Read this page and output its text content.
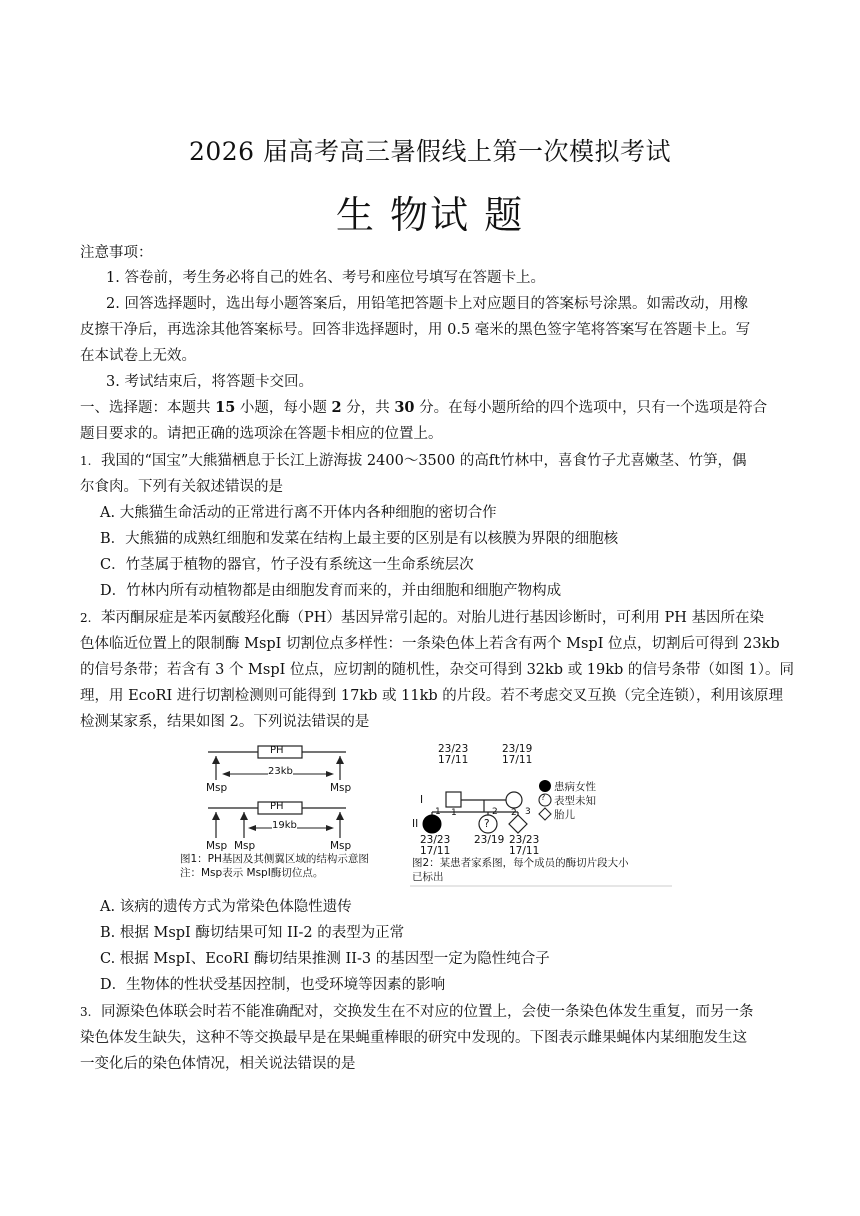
2026 届高考高三暑假线上第一次模拟考试
生 物试 题
注意事项：
1. 答卷前，考生务必将自己的姓名、考号和座位号填写在答题卡上。
2. 回答选择题时，选出每小题答案后，用铅笔把答题卡上对应题目的答案标号涂黑。如需改动，用橡
皮擦干净后，再选涂其他答案标号。回答非选择题时，用 0.5 毫米的黑色签字笔将答案写在答题卡上。写
在本试卷上无效。
3. 考试结束后，将答题卡交回。
一、选择题：本题共 15 小题，每小题 2 分，共 30 分。在每小题所给的四个选项中，只有一个选项是符合
题目要求的。请把正确的选项涂在答题卡相应的位置上。
1. 我国的“国宝”大熊猫栖息于长江上游海拔 2400～3500 的高ft竹林中，喜食竹子尤喜嫩茎、竹笋，偶
尔食肉。下列有关叙述错误的是
A. 大熊猫生命活动的正常进行离不开体内各种细胞的密切合作
B．大熊猫的成熟红细胞和发菜在结构上最主要的区别是有以核膜为界限的细胞核
C．竹茎属于植物的器官，竹子没有系统这一生命系统层次
D．竹林内所有动植物都是由细胞发育而来的，并由细胞和细胞产物构成
2. 苯丙酮尿症是苯丙氨酸羟化酶（PH）基因异常引起的。对胎儿进行基因诊断时，可利用 PH 基因所在染
色体临近位置上的限制酶 MspI 切割位点多样性：一条染色体上若含有两个 MspI 位点，切割后可得到 23kb
的信号条带；若含有 3 个 MspI 位点，应切割的随机性，杂交可得到 32kb 或 19kb 的信号条带（如图 1）。同
理，用 EcoRI 进行切割检测则可能得到 17kb 或 11kb 的片段。若不考虑交叉互换（完全连锁），利用该原理
检测某家系，结果如图 2。下列说法错误的是
PH
23kb
Msp	Msp
PH
19kb
Msp Msp	Msp
图1：PH基因及其侧翼区域的结构示意图
注：Msp表示 MspI酶切位点。
23/23
17/11
23/19
17/11
I
1	2
II
1	2
?
3
23/23
17/11
23/19 23/23
17/11
患病女性
? 表型未知
胎儿
图2：某患者家系图，每个成员的酶切片段大小
已标出
A. 该病的遗传方式为常染色体隐性遗传
B. 根据 MspI 酶切结果可知 II-2 的表型为正常
C. 根据 MspI、EcoRI 酶切结果推测 II-3 的基因型一定为隐性纯合子
D．生物体的性状受基因控制，也受环境等因素的影响
3. 同源染色体联会时若不能准确配对，交换发生在不对应的位置上，会使一条染色体发生重复，而另一条
染色体发生缺失，这种不等交换最早是在果蝇重棒眼的研究中发现的。下图表示雌果蝇体内某细胞发生这
一变化后的染色体情况，相关说法错误的是
